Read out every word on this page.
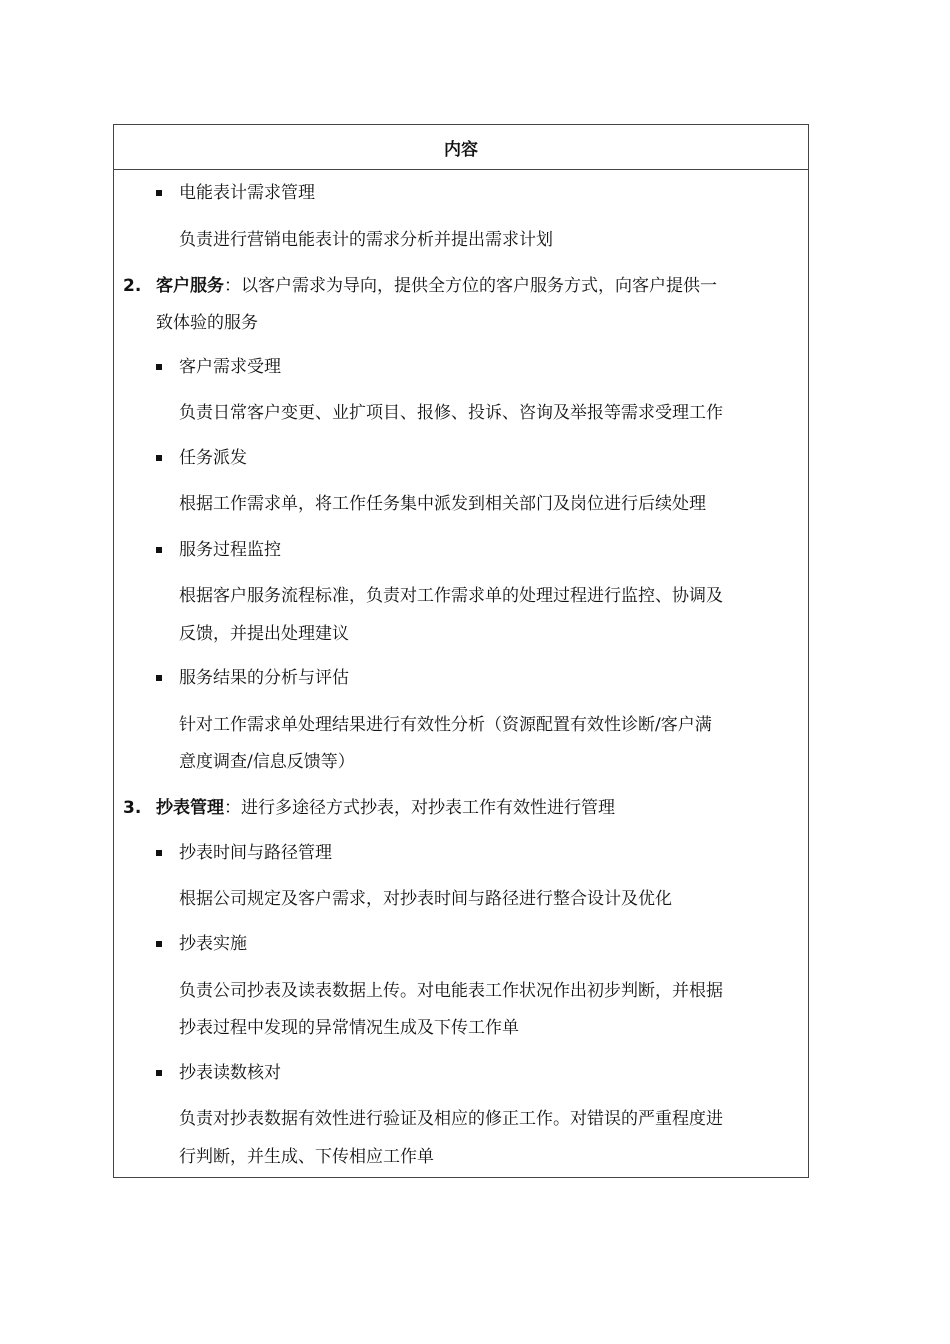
内容
电能表计需求管理
负责进行营销电能表计的需求分析并提出需求计划
2. 客户服务：以客户需求为导向，提供全方位的客户服务方式，向客户提供一
致体验的服务
客户需求受理
负责日常客户变更、业扩项目、报修、投诉、咨询及举报等需求受理工作
任务派发
根据工作需求单，将工作任务集中派发到相关部门及岗位进行后续处理
服务过程监控
根据客户服务流程标准，负责对工作需求单的处理过程进行监控、协调及
反馈，并提出处理建议
服务结果的分析与评估
针对工作需求单处理结果进行有效性分析（资源配置有效性诊断/客户满
意度调查/信息反馈等）
3. 抄表管理：进行多途径方式抄表，对抄表工作有效性进行管理
抄表时间与路径管理
根据公司规定及客户需求，对抄表时间与路径进行整合设计及优化
抄表实施
负责公司抄表及读表数据上传。对电能表工作状况作出初步判断，并根据
抄表过程中发现的异常情况生成及下传工作单
抄表读数核对
负责对抄表数据有效性进行验证及相应的修正工作。对错误的严重程度进
行判断，并生成、下传相应工作单
